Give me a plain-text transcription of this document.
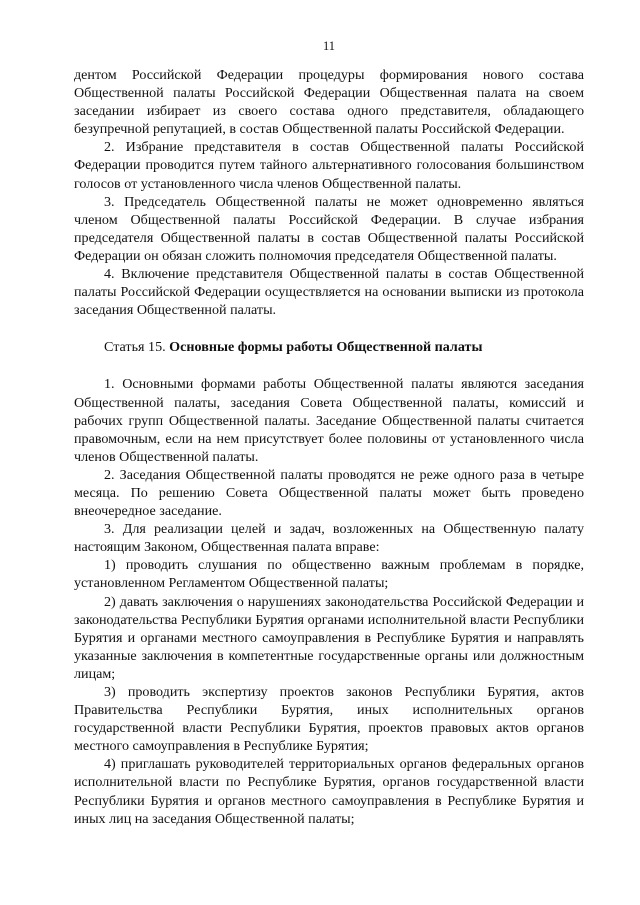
11

дентом Российской Федерации процедуры формирования нового состава Общественной палаты Российской Федерации Общественная палата на своем заседании избирает из своего состава одного представителя, обладающего безупречной репутацией, в состав Общественной палаты Российской Федерации.

2. Избрание представителя в состав Общественной палаты Российской Федерации проводится путем тайного альтернативного голосования большинством голосов от установленного числа членов Общественной палаты.

3. Председатель Общественной палаты не может одновременно являться членом Общественной палаты Российской Федерации. В случае избрания председателя Общественной палаты в состав Общественной палаты Российской Федерации он обязан сложить полномочия председателя Общественной палаты.

4. Включение представителя Общественной палаты в состав Общественной палаты Российской Федерации осуществляется на основании выписки из протокола заседания Общественной палаты.

Статья 15. Основные формы работы Общественной палаты

1. Основными формами работы Общественной палаты являются заседания Общественной палаты, заседания Совета Общественной палаты, комиссий и рабочих групп Общественной палаты. Заседание Общественной палаты считается правомочным, если на нем присутствует более половины от установленного числа членов Общественной палаты.

2. Заседания Общественной палаты проводятся не реже одного раза в четыре месяца. По решению Совета Общественной палаты может быть проведено внеочередное заседание.

3. Для реализации целей и задач, возложенных на Общественную палату настоящим Законом, Общественная палата вправе:

1) проводить слушания по общественно важным проблемам в порядке, установленном Регламентом Общественной палаты;

2) давать заключения о нарушениях законодательства Российской Федерации и законодательства Республики Бурятия органами исполнительной власти Республики Бурятия и органами местного самоуправления в Республике Бурятия и направлять указанные заключения в компетентные государственные органы или должностным лицам;

3) проводить экспертизу проектов законов Республики Бурятия, актов Правительства Республики Бурятия, иных исполнительных органов государственной власти Республики Бурятия, проектов правовых актов органов местного самоуправления в Республике Бурятия;

4) приглашать руководителей территориальных органов федеральных органов исполнительной власти по Республике Бурятия, органов государственной власти Республики Бурятия и органов местного самоуправления в Республике Бурятия и иных лиц на заседания Общественной палаты;
